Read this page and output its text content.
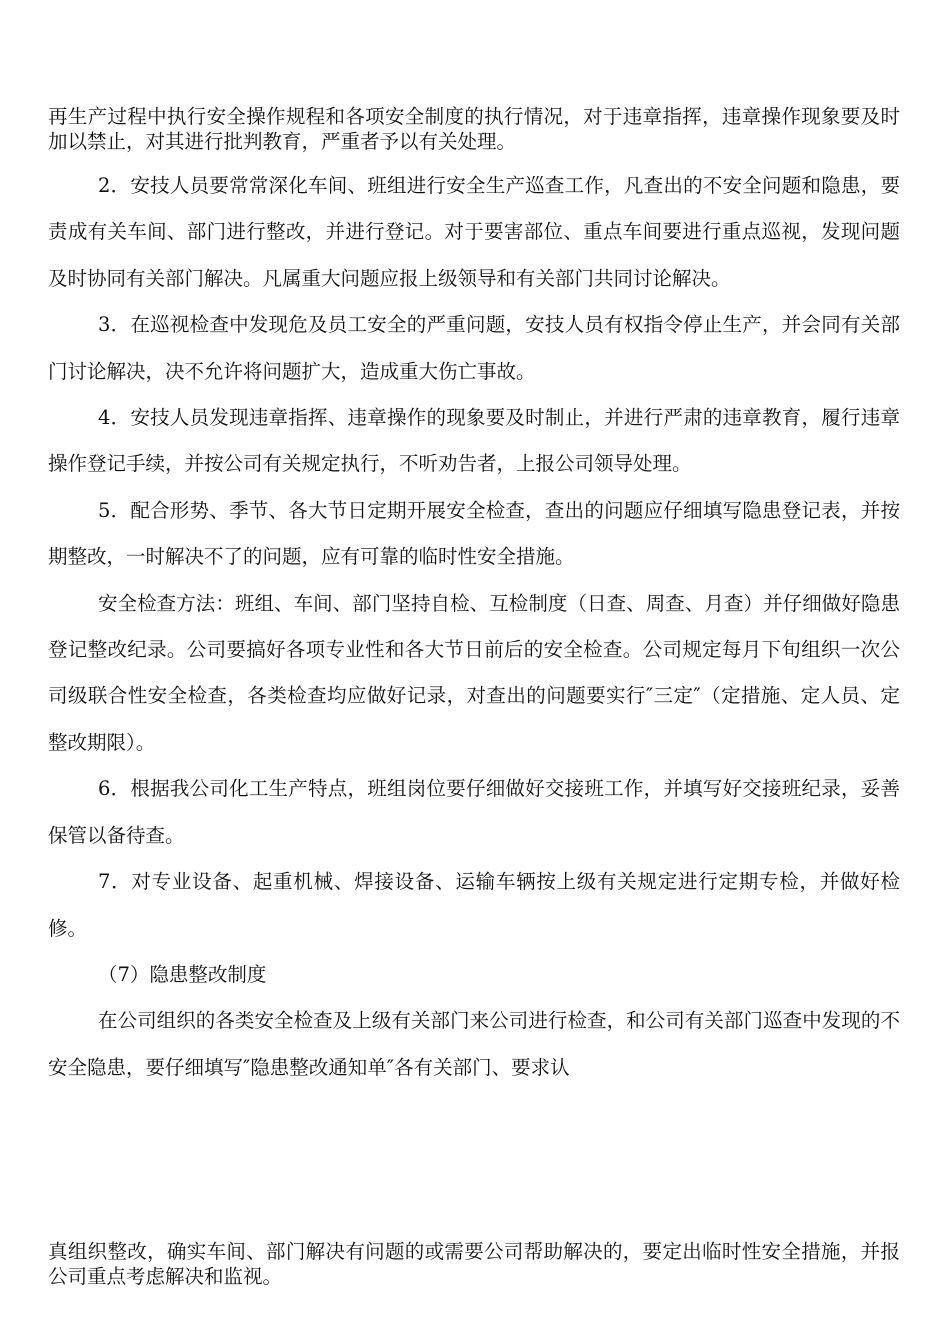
再生产过程中执行安全操作规程和各项安全制度的执行情况，对于违章指挥，违章操作现象要及时加以禁止，对其进行批判教育，严重者予以有关处理。

2．安技人员要常常深化车间、班组进行安全生产巡查工作，凡查出的不安全问题和隐患，要责成有关车间、部门进行整改，并进行登记。对于要害部位、重点车间要进行重点巡视，发现问题及时协同有关部门解决。凡属重大问题应报上级领导和有关部门共同讨论解决。

3．在巡视检查中发现危及员工安全的严重问题，安技人员有权指令停止生产，并会同有关部门讨论解决，决不允许将问题扩大，造成重大伤亡事故。

4．安技人员发现违章指挥、违章操作的现象要及时制止，并进行严肃的违章教育，履行违章操作登记手续，并按公司有关规定执行，不听劝告者，上报公司领导处理。

5．配合形势、季节、各大节日定期开展安全检查，查出的问题应仔细填写隐患登记表，并按期整改，一时解决不了的问题，应有可靠的临时性安全措施。

安全检查方法：班组、车间、部门坚持自检、互检制度（日查、周查、月查）并仔细做好隐患登记整改纪录。公司要搞好各项专业性和各大节日前后的安全检查。公司规定每月下旬组织一次公司级联合性安全检查，各类检查均应做好记录，对查出的问题要实行″三定″（定措施、定人员、定整改期限）。

6．根据我公司化工生产特点，班组岗位要仔细做好交接班工作，并填写好交接班纪录，妥善保管以备待查。

7．对专业设备、起重机械、焊接设备、运输车辆按上级有关规定进行定期专检，并做好检修。

（7）隐患整改制度

在公司组织的各类安全检查及上级有关部门来公司进行检查，和公司有关部门巡查中发现的不安全隐患，要仔细填写″隐患整改通知单″各有关部门、要求认

真组织整改，确实车间、部门解决有问题的或需要公司帮助解决的，要定出临时性安全措施，并报公司重点考虑解决和监视。
